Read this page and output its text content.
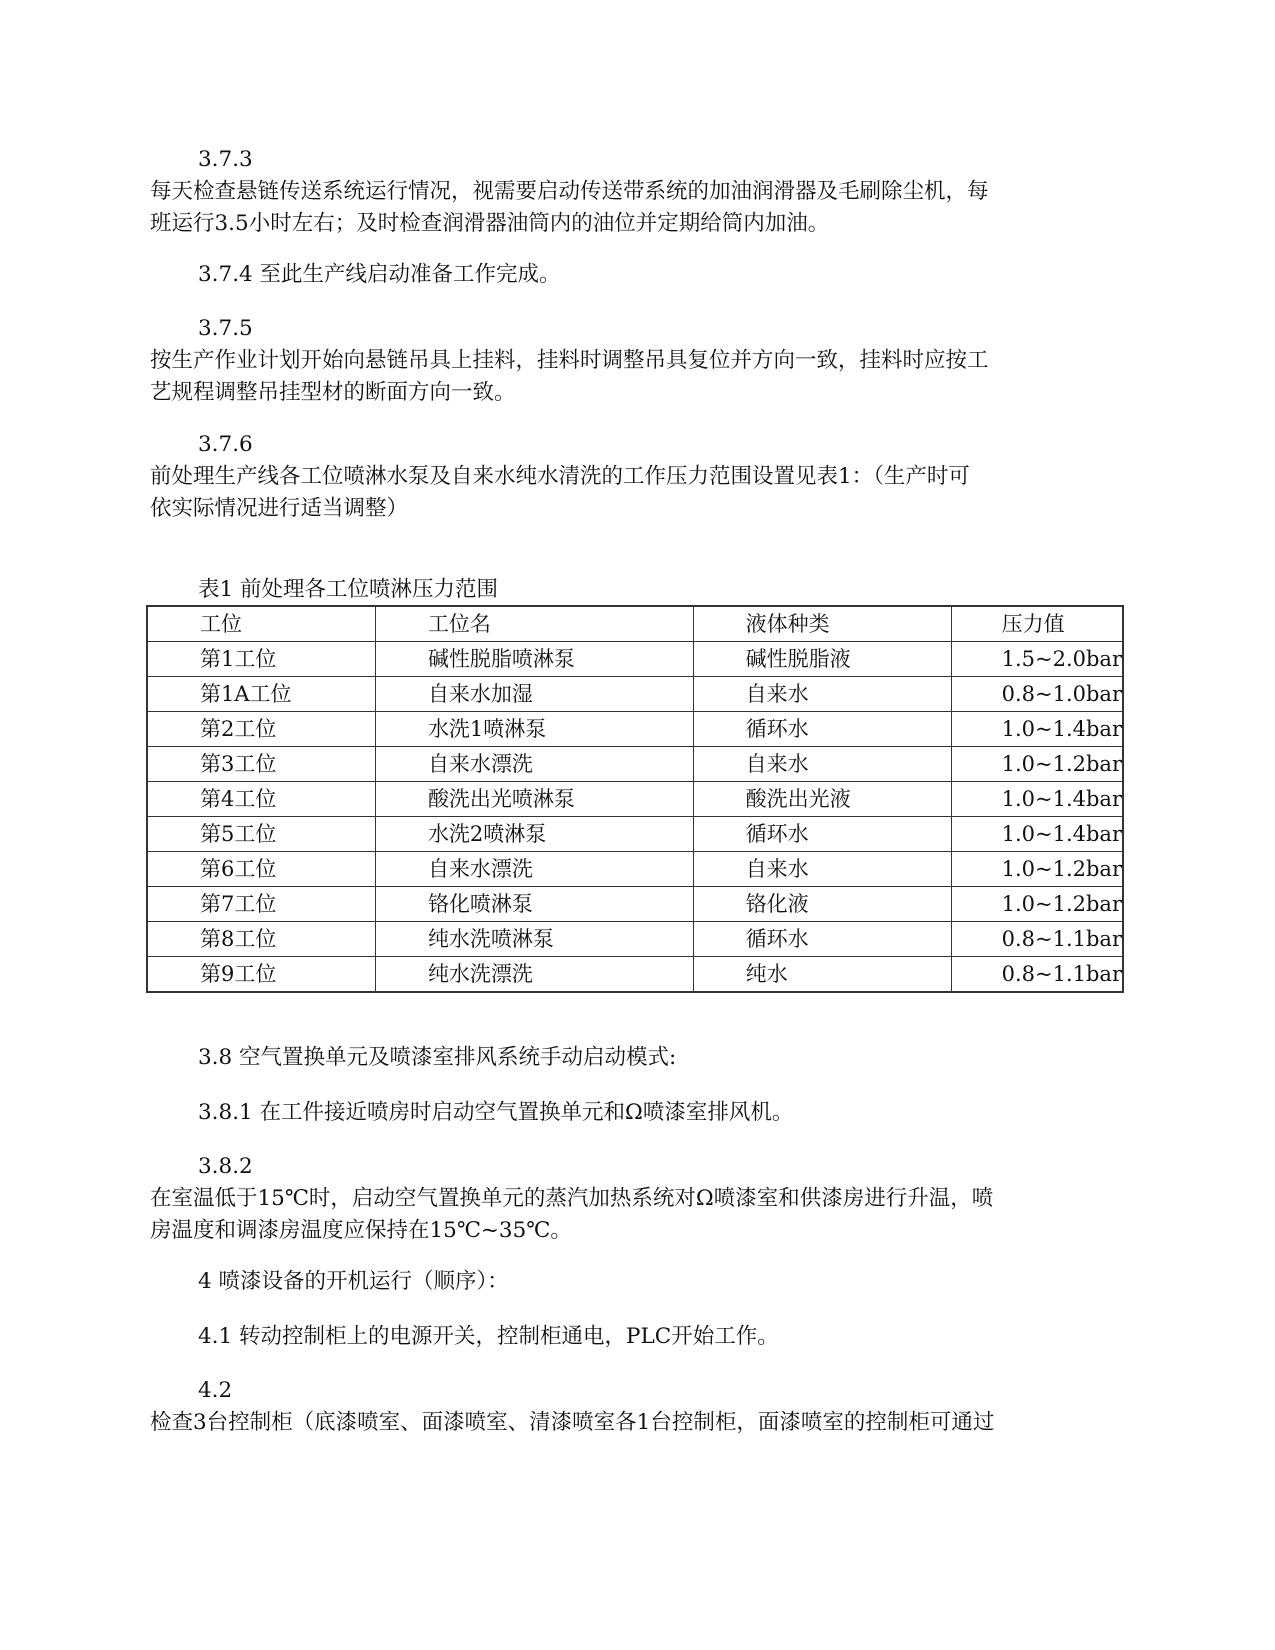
3.7.3
每天检查悬链传送系统运行情况，视需要启动传送带系统的加油润滑器及毛刷除尘机，每
班运行3.5小时左右；及时检查润滑器油筒内的油位并定期给筒内加油。
3.7.4 至此生产线启动准备工作完成。
3.7.5
按生产作业计划开始向悬链吊具上挂料，挂料时调整吊具复位并方向一致，挂料时应按工
艺规程调整吊挂型材的断面方向一致。
3.7.6
前处理生产线各工位喷淋水泵及自来水纯水清洗的工作压力范围设置见表1：（生产时可
依实际情况进行适当调整）
表1 前处理各工位喷淋压力范围
工位	工位名	液体种类	压力值
第1工位	碱性脱脂喷淋泵	碱性脱脂液	1.5~2.0bar
第1A工位	自来水加湿	自来水	0.8~1.0bar
第2工位	水洗1喷淋泵	循环水	1.0~1.4bar
第3工位	自来水漂洗	自来水	1.0~1.2bar
第4工位	酸洗出光喷淋泵	酸洗出光液	1.0~1.4bar
第5工位	水洗2喷淋泵	循环水	1.0~1.4bar
第6工位	自来水漂洗	自来水	1.0~1.2bar
第7工位	铬化喷淋泵	铬化液	1.0~1.2bar
第8工位	纯水洗喷淋泵	循环水	0.8~1.1bar
第9工位	纯水洗漂洗	纯水	0.8~1.1bar
3.8 空气置换单元及喷漆室排风系统手动启动模式:
3.8.1 在工件接近喷房时启动空气置换单元和Ω喷漆室排风机。
3.8.2
在室温低于15℃时，启动空气置换单元的蒸汽加热系统对Ω喷漆室和供漆房进行升温，喷
房温度和调漆房温度应保持在15℃~35℃。
4 喷漆设备的开机运行（顺序）：
4.1 转动控制柜上的电源开关，控制柜通电，PLC开始工作。
4.2
检查3台控制柜（底漆喷室、面漆喷室、清漆喷室各1台控制柜，面漆喷室的控制柜可通过
